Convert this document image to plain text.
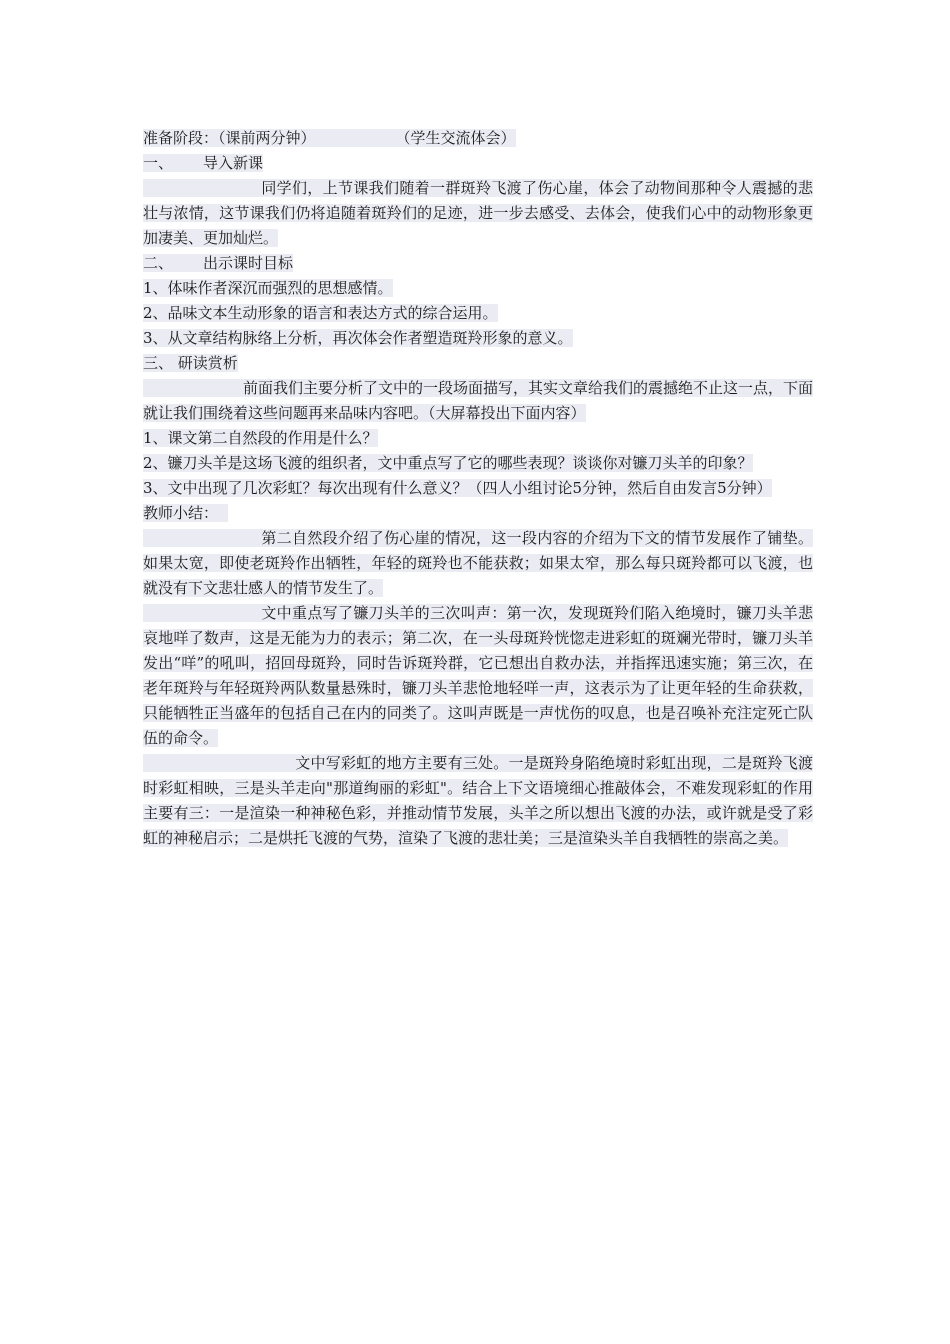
准备阶段：（课前两分钟）	（学生交流体会）

一、 导入新课

同学们，上节课我们随着一群斑羚飞渡了伤心崖，体会了动物间那种令人震撼的悲壮与浓情，这节课我们仍将追随着斑羚们的足迹，进一步去感受、去体会，使我们心中的动物形象更加凄美、更加灿烂。

二、 出示课时目标

1、体味作者深沉而强烈的思想感情。

2、品味文本生动形象的语言和表达方式的综合运用。

3、从文章结构脉络上分析，再次体会作者塑造斑羚形象的意义。

三、 研读赏析

前面我们主要分析了文中的一段场面描写，其实文章给我们的震撼绝不止这一点，下面就让我们围绕着这些问题再来品味内容吧。（大屏幕投出下面内容）

1、课文第二自然段的作用是什么？

2、镰刀头羊是这场飞渡的组织者，文中重点写了它的哪些表现？谈谈你对镰刀头羊的印象？

3、文中出现了几次彩虹？每次出现有什么意义？（四人小组讨论5分钟，然后自由发言5分钟）

教师小结：

第二自然段介绍了伤心崖的情况，这一段内容的介绍为下文的情节发展作了铺垫。如果太宽，即使老斑羚作出牺牲，年轻的斑羚也不能获救；如果太窄，那么每只斑羚都可以飞渡，也就没有下文悲壮感人的情节发生了。

文中重点写了镰刀头羊的三次叫声：第一次，发现斑羚们陷入绝境时，镰刀头羊悲哀地咩了数声，这是无能为力的表示；第二次，在一头母斑羚恍惚走进彩虹的斑斓光带时，镰刀头羊发出“咩”的吼叫，招回母斑羚，同时告诉斑羚群，它已想出自救办法，并指挥迅速实施；第三次，在老年斑羚与年轻斑羚两队数量悬殊时，镰刀头羊悲怆地轻咩一声，这表示为了让更年轻的生命获救，只能牺牲正当盛年的包括自己在内的同类了。这叫声既是一声忧伤的叹息，也是召唤补充注定死亡队伍的命令。

文中写彩虹的地方主要有三处。一是斑羚身陷绝境时彩虹出现，二是斑羚飞渡时彩虹相映，三是头羊走向"那道绚丽的彩虹"。结合上下文语境细心推敲体会，不难发现彩虹的作用主要有三：一是渲染一种神秘色彩，并推动情节发展，头羊之所以想出飞渡的办法，或许就是受了彩虹的神秘启示；二是烘托飞渡的气势，渲染了飞渡的悲壮美；三是渲染头羊自我牺牲的崇高之美。
